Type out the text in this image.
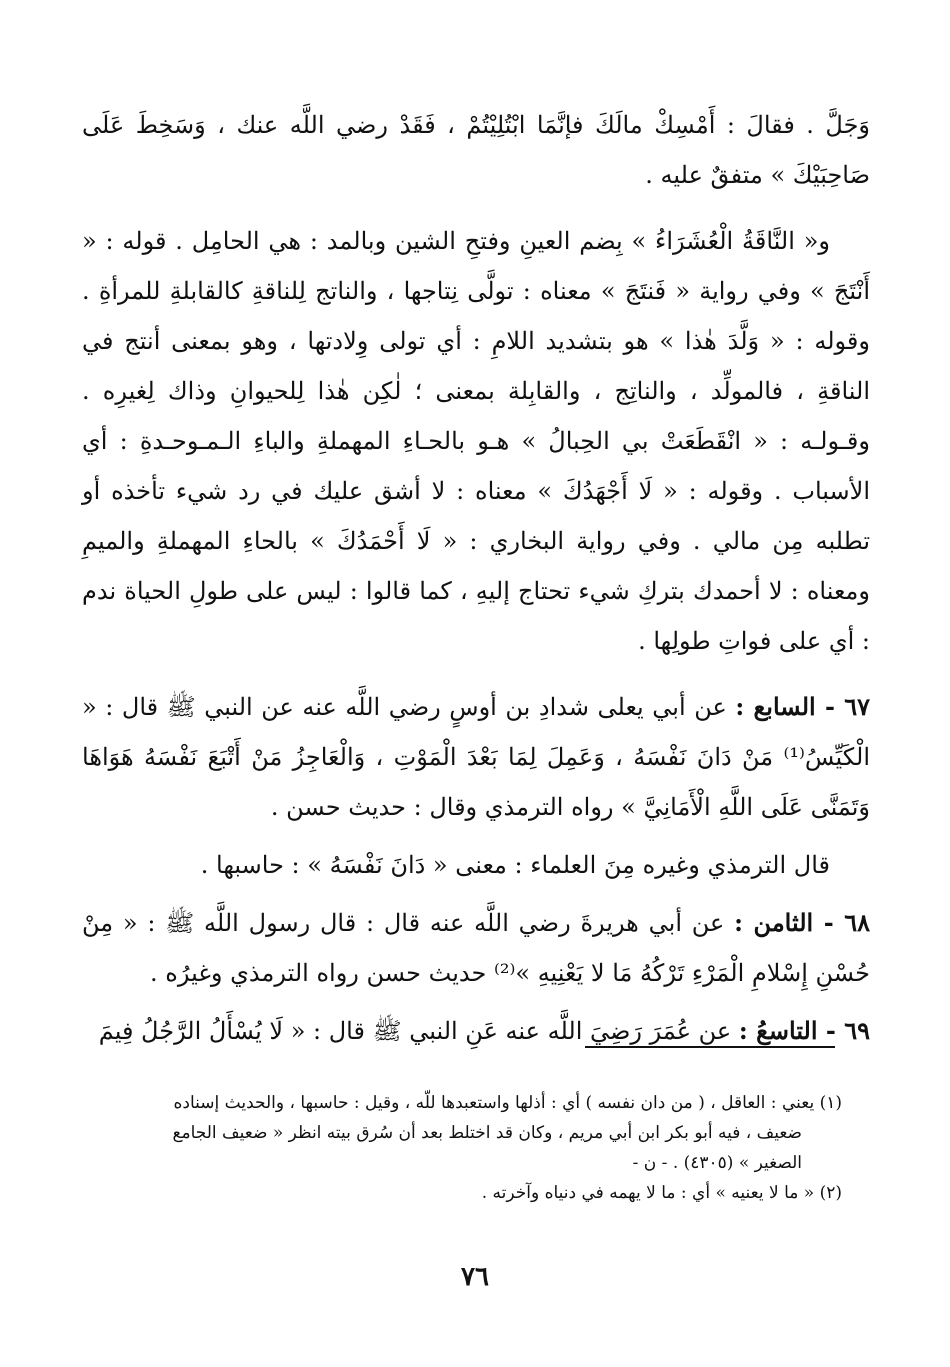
وَجَلَّ . فقالَ : أَمْسِكْ مالَكَ فإنَّمَا ابْتُلِيْتُمْ ، فَقَدْ رضي اللَّه عنك ، وَسَخِطَ عَلَى صَاحِبَيْكَ » متفقٌ عليه .

و« النَّاقَةُ الْعُشَرَاءُ » بِضم العينِ وفتحِ الشين وبالمد : هي الحامِل . قوله : « أَنْتَجَ » وفي رواية « فَنتَجَ » معناه : تولَّى نِتاجها ، والناتج لِلناقةِ كالقابلةِ للمرأةِ . وقوله : « وَلَّدَ هٰذا » هو بتشديد اللامِ : أي تولى وِلادتها ، وهو بمعنى أنتج في الناقةِ ، فالمولِّد ، والناتِج ، والقابِلة بمعنى ؛ لٰكِن هٰذا لِلحيوانِ وذاك لِغيرِه . وقـولـه : « انْقَطَعَتْ بي الحِبالُ » هـو بالحـاءِ المهملةِ والباءِ الـمـوحـدةِ : أي الأسباب . وقوله : « لَا أَجْهَدُكَ » معناه : لا أشق عليك في رد شيء تأخذه أو تطلبه مِن مالي . وفي رواية البخاري : « لَا أَحْمَدُكَ » بالحاءِ المهملةِ والميمِ ومعناه : لا أحمدك بتركِ شيء تحتاج إليهِ ، كما قالوا : ليس على طولِ الحياة ندم : أي على فواتِ طولِها .

٦٧ - السابع : عن أبي يعلى شدادِ بن أوسٍ رضي اللَّه عنه عن النبي ﷺ قال : « الْكَيِّسُ⁽¹⁾ مَنْ دَانَ نَفْسَهُ ، وَعَمِلَ لِمَا بَعْدَ الْمَوْتِ ، وَالْعَاجِزُ مَنْ أَتْبَعَ نَفْسَهُ هَوَاهَا وَتَمَنَّى عَلَى اللَّهِ الْأَمَانِيَّ » رواه الترمذي وقال : حديث حسن .

قال الترمذي وغيره مِنَ العلماء : معنى « دَانَ نَفْسَهُ » : حاسبها .

٦٨ - الثامن : عن أبي هريرةَ رضي اللَّه عنه قال : قال رسول اللَّه ﷺ : « مِنْ حُسْنِ إِسْلامِ الْمَرْءِ تَرْكُهُ مَا لا يَعْنِيهِ »⁽²⁾ حديث حسن رواه الترمذي وغيرُه .

٦٩ - التاسعُ : عن عُمَرَ رَضِيَ اللَّه عنه عَنِ النبي ﷺ قال : « لَا يُسْأَلُ الرَّجُلُ فِيمَ

(١) يعني : العاقل ، ( من دان نفسه ) أي : أذلها واستعبدها للّه ، وقيل : حاسبها ، والحديث إسناده

ضعيف ، فيه أبو بكر ابن أبي مريم ، وكان قد اختلط بعد أن سُرق بيته انظر « ضعيف الجامع

الصغير » (٤٣٠٥) . - ن -

(٢) « ما لا يعنيه » أي : ما لا يهمه في دنياه وآخرته .

٧٦
